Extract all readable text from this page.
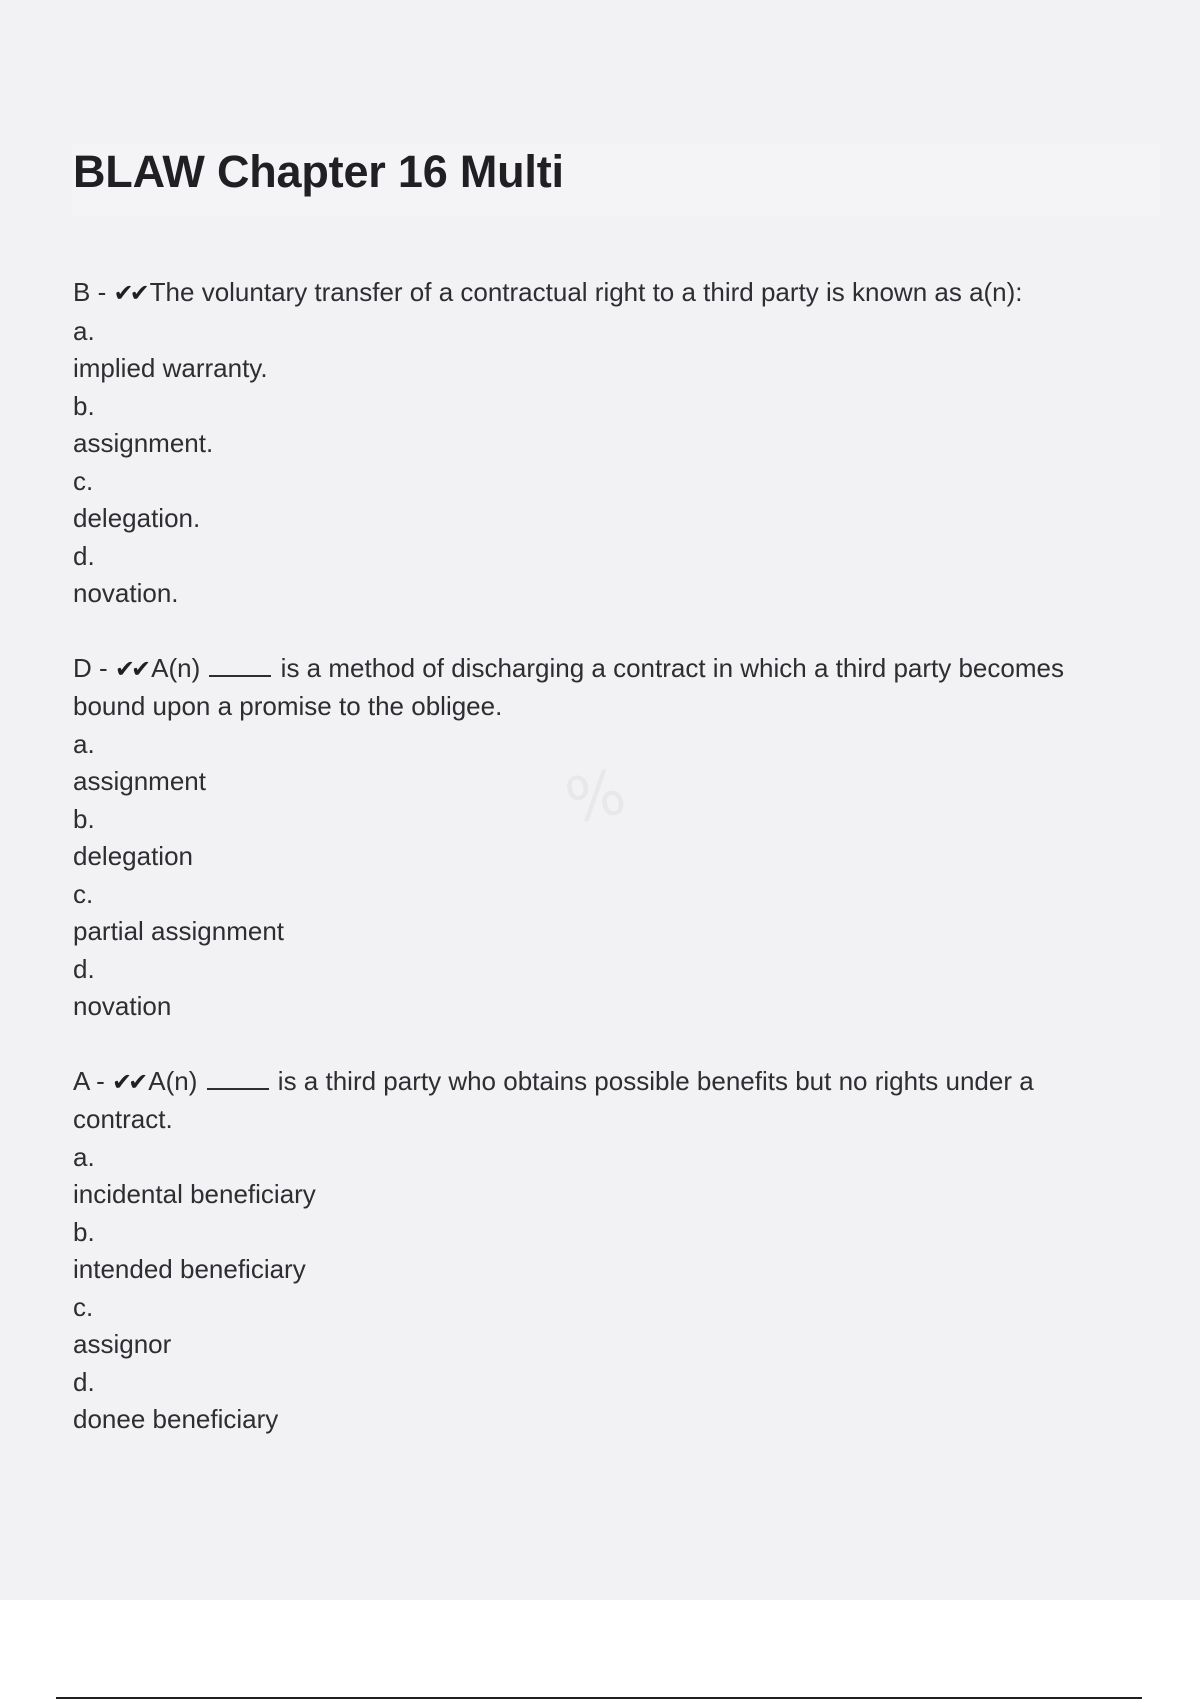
BLAW Chapter 16 Multi
%

B - ✔✔ The voluntary transfer of a contractual right to a third party is known as a(n):

a.

implied warranty.

b.

assignment.

c.

delegation.

d.

novation.

D - ✔✔ A(n)	is a method of discharging a contract in which a third party becomes

bound upon a promise to the obligee.

a.

assignment

b.

delegation

c.

partial assignment

d.

novation

A - ✔✔ A(n)	is a third party who obtains possible benefits but no rights under a

contract.

a.

incidental beneficiary

b.

intended beneficiary

c.

assignor

d.

donee beneficiary
